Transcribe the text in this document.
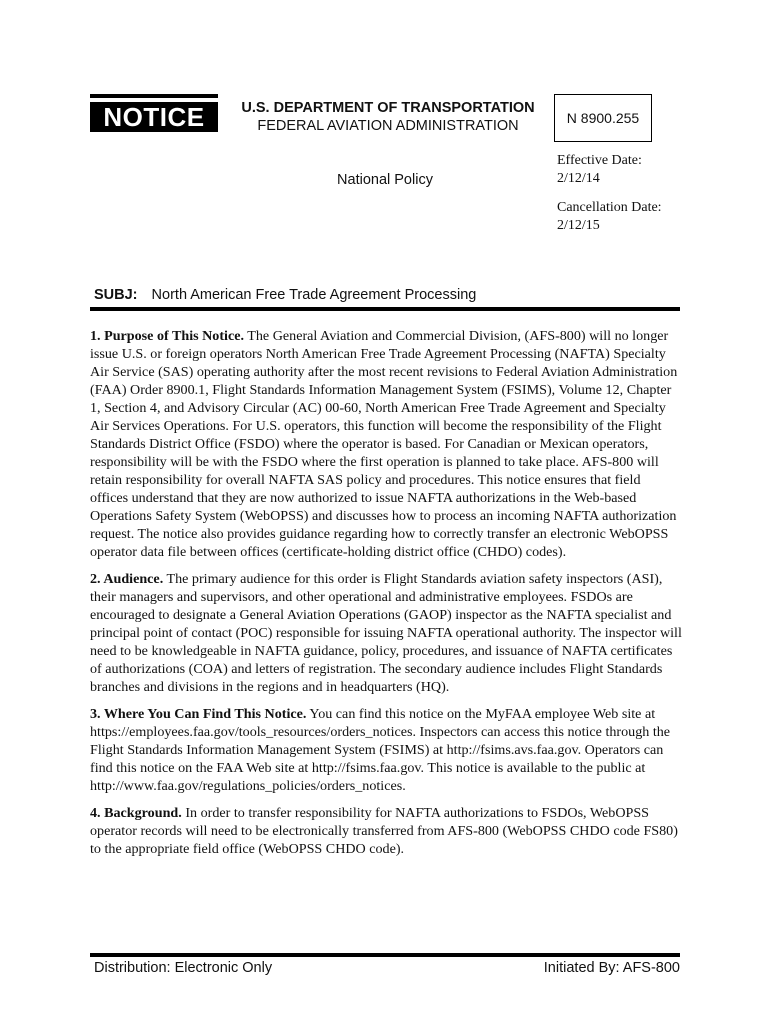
NOTICE	U.S. DEPARTMENT OF TRANSPORTATION
FEDERAL AVIATION ADMINISTRATION	N 8900.255
National Policy
Effective Date:
2/12/14
Cancellation Date:
2/12/15
SUBJ: North American Free Trade Agreement Processing

1. Purpose of This Notice. The General Aviation and Commercial Division, (AFS-800) will no longer issue U.S. or foreign operators North American Free Trade Agreement Processing (NAFTA) Specialty Air Service (SAS) operating authority after the most recent revisions to Federal Aviation Administration (FAA) Order 8900.1, Flight Standards Information Management System (FSIMS), Volume 12, Chapter 1, Section 4, and Advisory Circular (AC) 00-60, North American Free Trade Agreement and Specialty Air Services Operations. For U.S. operators, this function will become the responsibility of the Flight Standards District Office (FSDO) where the operator is based. For Canadian or Mexican operators, responsibility will be with the FSDO where the first operation is planned to take place. AFS-800 will retain responsibility for overall NAFTA SAS policy and procedures. This notice ensures that field offices understand that they are now authorized to issue NAFTA authorizations in the Web-based Operations Safety System (WebOPSS) and discusses how to process an incoming NAFTA authorization request. The notice also provides guidance regarding how to correctly transfer an electronic WebOPSS operator data file between offices (certificate-holding district office (CHDO) codes).

2. Audience. The primary audience for this order is Flight Standards aviation safety inspectors (ASI), their managers and supervisors, and other operational and administrative employees. FSDOs are encouraged to designate a General Aviation Operations (GAOP) inspector as the NAFTA specialist and principal point of contact (POC) responsible for issuing NAFTA operational authority. The inspector will need to be knowledgeable in NAFTA guidance, policy, procedures, and issuance of NAFTA certificates of authorizations (COA) and letters of registration. The secondary audience includes Flight Standards branches and divisions in the regions and in headquarters (HQ).

3. Where You Can Find This Notice. You can find this notice on the MyFAA employee Web site at https://employees.faa.gov/tools_resources/orders_notices. Inspectors can access this notice through the Flight Standards Information Management System (FSIMS) at http://fsims.avs.faa.gov. Operators can find this notice on the FAA Web site at http://fsims.faa.gov. This notice is available to the public at http://www.faa.gov/regulations_policies/orders_notices.

4. Background. In order to transfer responsibility for NAFTA authorizations to FSDOs, WebOPSS operator records will need to be electronically transferred from AFS-800 (WebOPSS CHDO code FS80) to the appropriate field office (WebOPSS CHDO code).

Distribution: Electronic Only	Initiated By: AFS-800
